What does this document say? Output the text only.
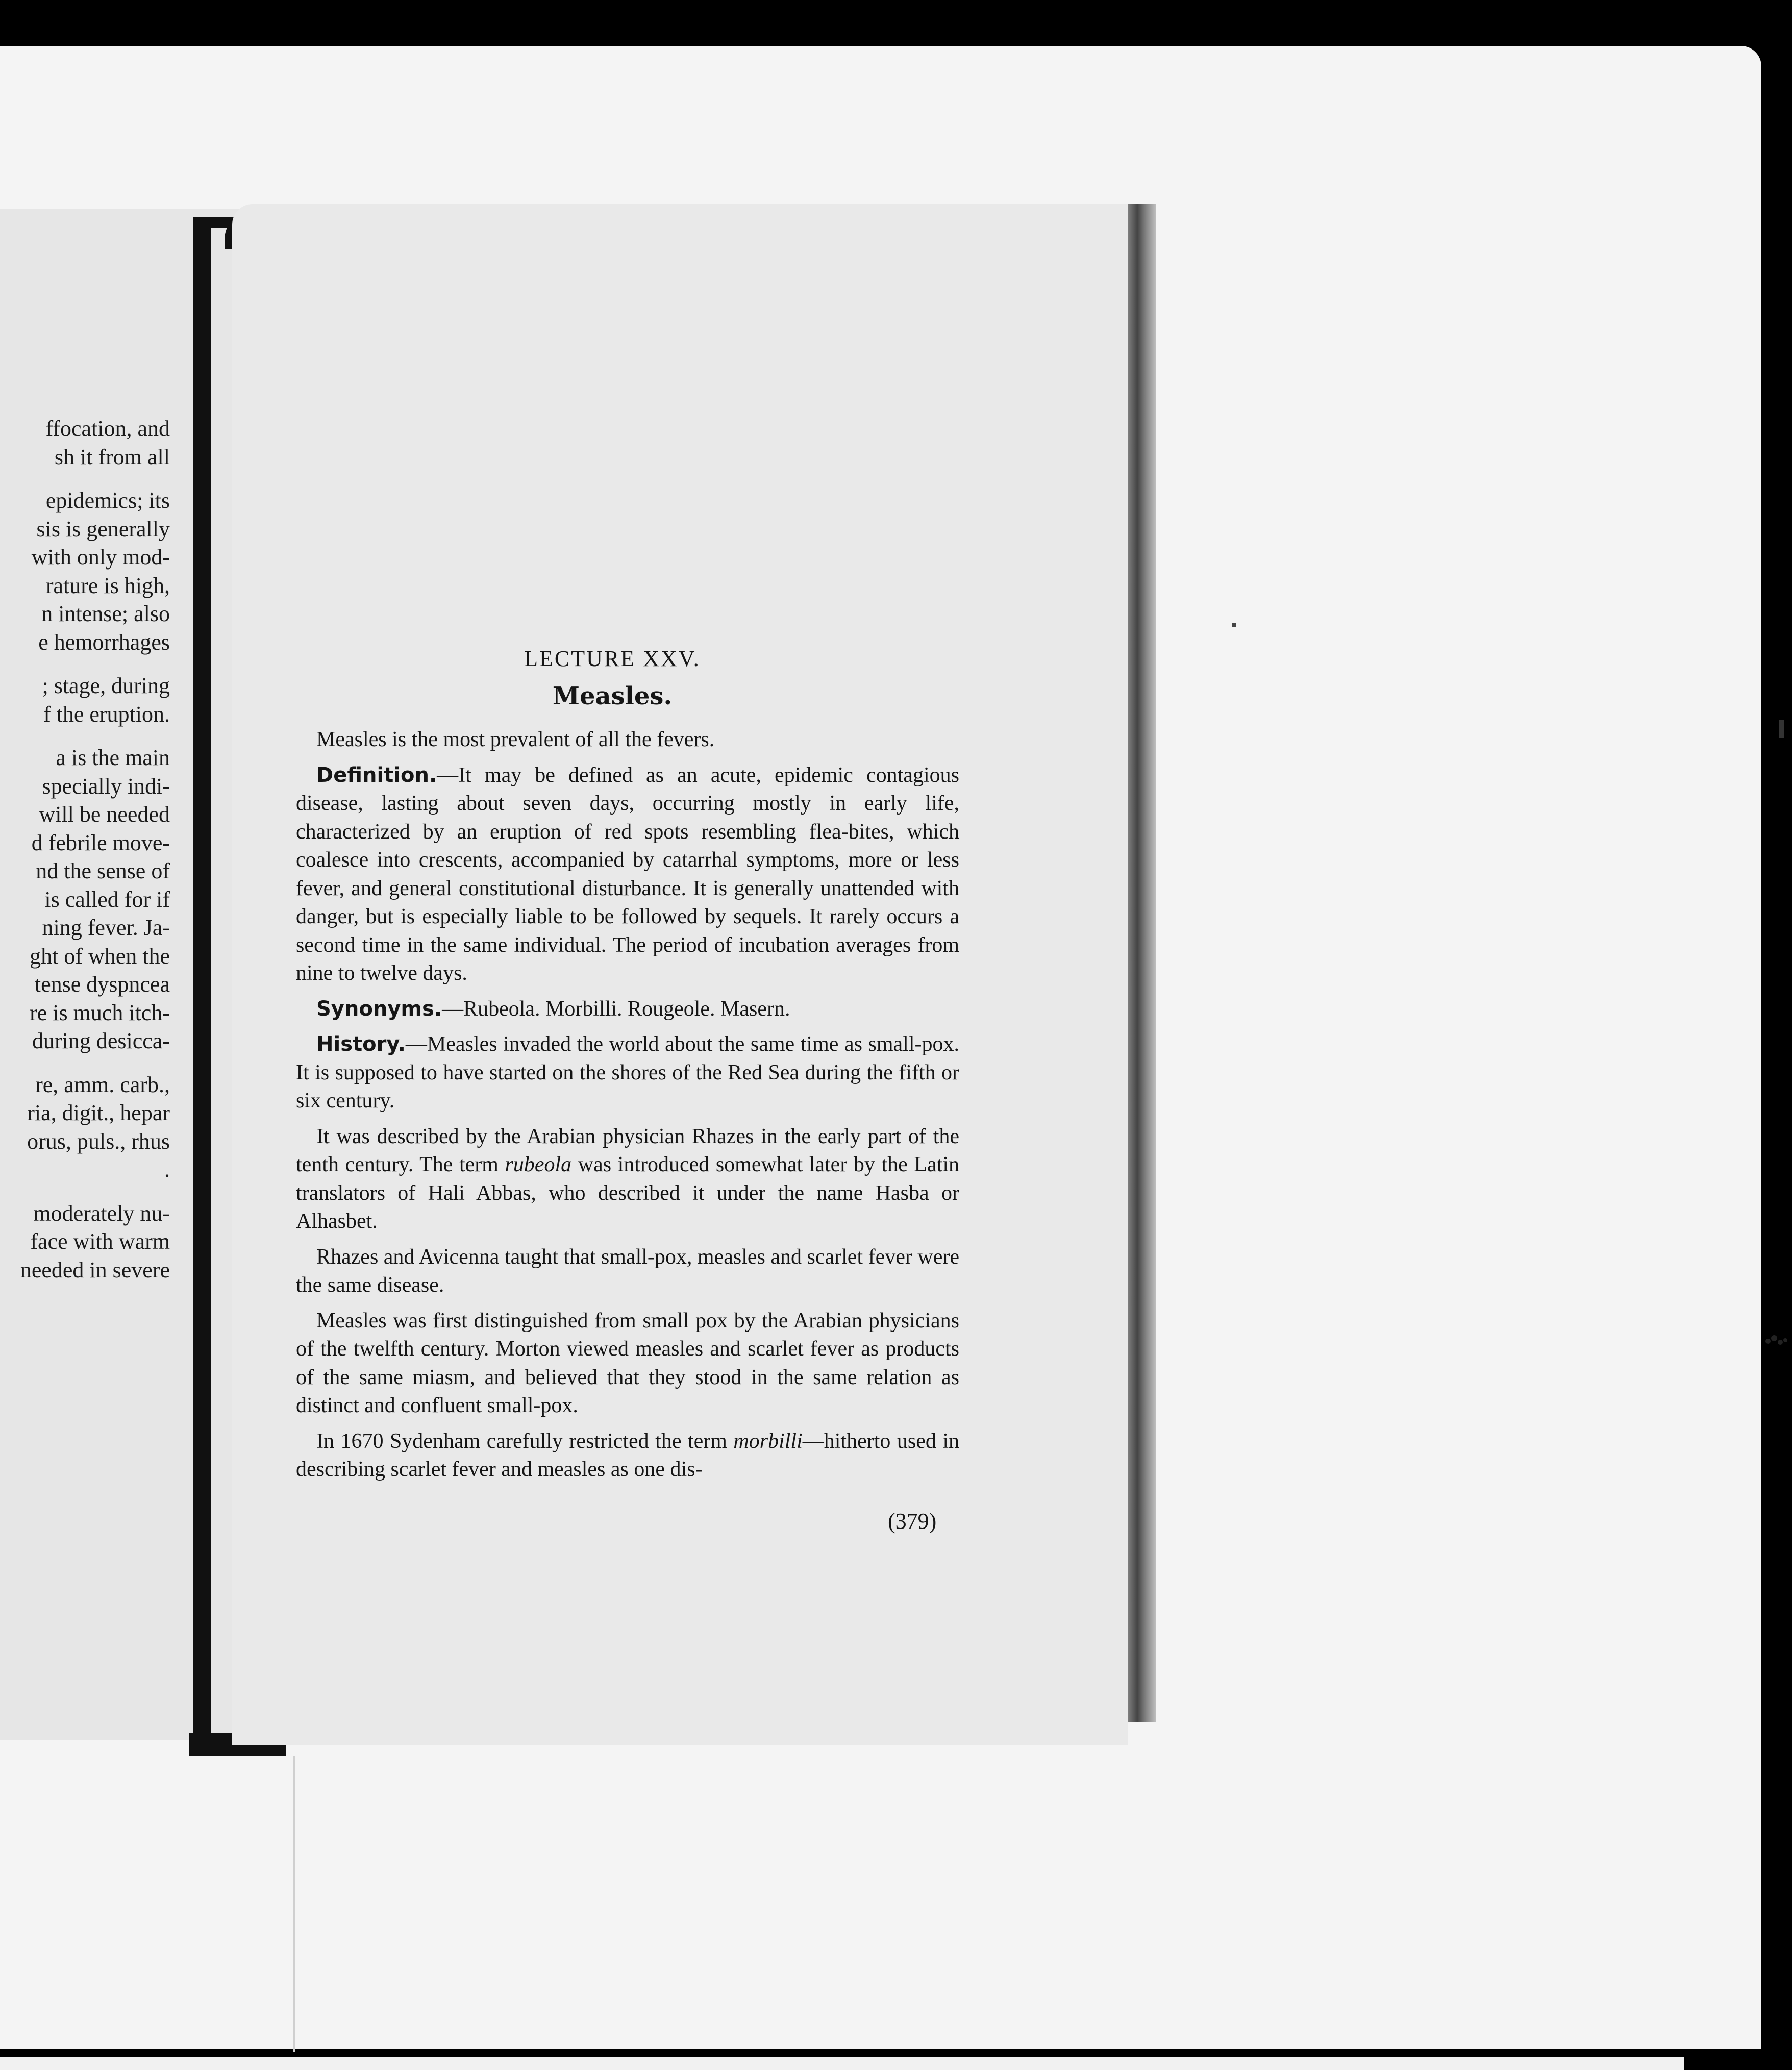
ffocation, and
sh it from all
epidemics; its
sis is generally
with only mod-
rature is high,
n intense; also
e hemorrhages
; stage, during
f the eruption.
a is the main
specially indi-
will be needed
d febrile move-
nd the sense of
is called for if
ning fever. Ja-
ght of when the
tense dyspncea
re is much itch-
during desicca-
re, amm. carb.,
ria, digit., hepar
orus, puls., rhus
.
moderately nu-
face with warm
needed in severe
LECTURE XXV.
Measles.

Measles is the most prevalent of all the fevers.

Definition.—It may be defined as an acute, epidemic contagious disease, lasting about seven days, occurring mostly in early life, characterized by an eruption of red spots resembling flea-bites, which coalesce into crescents, accompanied by catarrhal symptoms, more or less fever, and general constitutional disturbance. It is generally unattended with danger, but is especially liable to be followed by sequels. It rarely occurs a second time in the same individual. The period of incubation averages from nine to twelve days.

Synonyms.—Rubeola. Morbilli. Rougeole. Masern.

History.—Measles invaded the world about the same time as small-pox. It is supposed to have started on the shores of the Red Sea during the fifth or six century.

It was described by the Arabian physician Rhazes in the early part of the tenth century. The term rubeola was introduced somewhat later by the Latin translators of Hali Abbas, who described it under the name Hasba or Alhasbet.

Rhazes and Avicenna taught that small-pox, measles and scarlet fever were the same disease.

Measles was first distinguished from small pox by the Arabian physicians of the twelfth century. Morton viewed measles and scarlet fever as products of the same miasm, and believed that they stood in the same relation as distinct and confluent small-pox.

In 1670 Sydenham carefully restricted the term morbilli—hitherto used in describing scarlet fever and measles as one dis-

(379)
